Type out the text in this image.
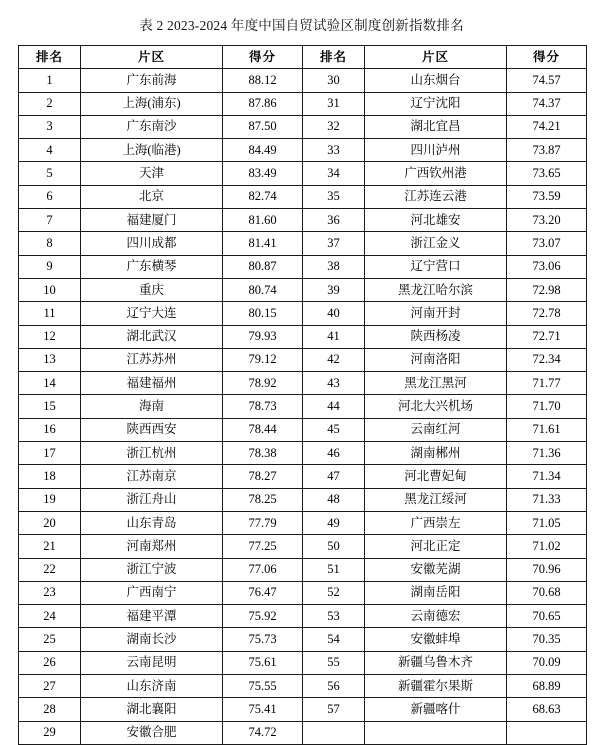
表 2 2023-2024 年度中国自贸试验区制度创新指数排名
排名	片区	得分	排名	片区	得分
1	广东前海	88.12	30	山东烟台	74.57
2	上海(浦东)	87.86	31	辽宁沈阳	74.37
3	广东南沙	87.50	32	湖北宜昌	74.21
4	上海(临港)	84.49	33	四川泸州	73.87
5	天津	83.49	34	广西钦州港	73.65
6	北京	82.74	35	江苏连云港	73.59
7	福建厦门	81.60	36	河北雄安	73.20
8	四川成都	81.41	37	浙江金义	73.07
9	广东横琴	80.87	38	辽宁营口	73.06
10	重庆	80.74	39	黑龙江哈尔滨	72.98
11	辽宁大连	80.15	40	河南开封	72.78
12	湖北武汉	79.93	41	陕西杨凌	72.71
13	江苏苏州	79.12	42	河南洛阳	72.34
14	福建福州	78.92	43	黑龙江黑河	71.77
15	海南	78.73	44	河北大兴机场	71.70
16	陕西西安	78.44	45	云南红河	71.61
17	浙江杭州	78.38	46	湖南郴州	71.36
18	江苏南京	78.27	47	河北曹妃甸	71.34
19	浙江舟山	78.25	48	黑龙江绥河	71.33
20	山东青岛	77.79	49	广西崇左	71.05
21	河南郑州	77.25	50	河北正定	71.02
22	浙江宁波	77.06	51	安徽芜湖	70.96
23	广西南宁	76.47	52	湖南岳阳	70.68
24	福建平潭	75.92	53	云南德宏	70.65
25	湖南长沙	75.73	54	安徽蚌埠	70.35
26	云南昆明	75.61	55	新疆乌鲁木齐	70.09
27	山东济南	75.55	56	新疆霍尔果斯	68.89
28	湖北襄阳	75.41	57	新疆喀什	68.63
29	安徽合肥	74.72			
